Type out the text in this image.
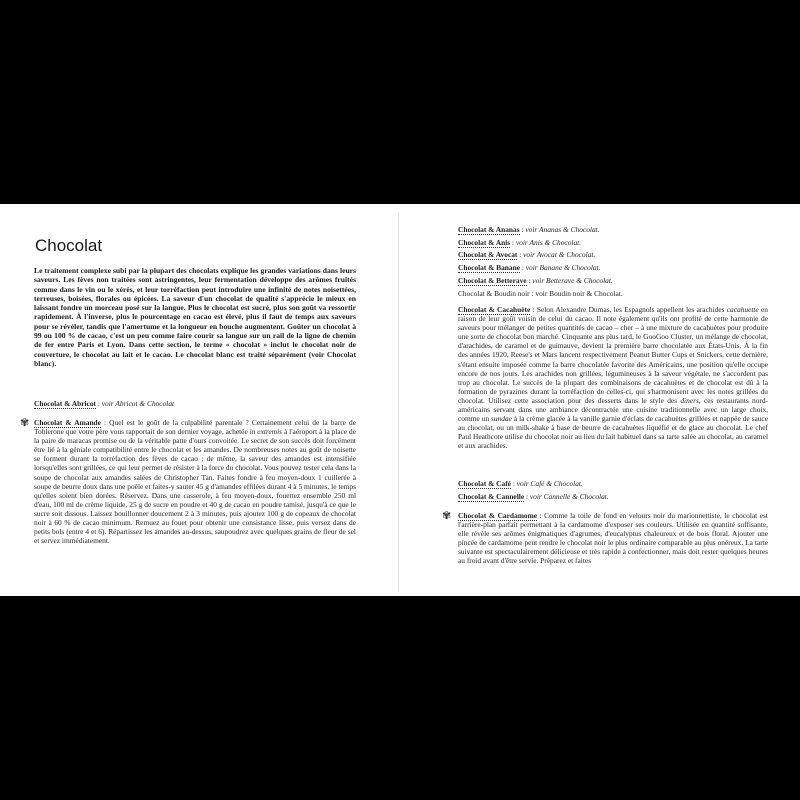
Chocolat

Le traitement complexe subi par la plupart des chocolats explique les grandes variations dans leurs saveurs. Les fèves non traitées sont astringentes, leur fermentation développe des arômes fruités comme dans le vin ou le xérès, et leur torréfaction peut introduire une infinité de notes noisettées, terreuses, boisées, florales ou épicées. La saveur d'un chocolat de qualité s'apprécie le mieux en laissant fondre un morceau posé sur la langue. Plus le chocolat est sucré, plus son goût va ressortir rapidement. À l'inverse, plus le pourcentage en cacao est élevé, plus il faut de temps aux saveurs pour se révéler, tandis que l'amertume et la longueur en bouche augmentent. Goûter un chocolat à 99 ou 100 % de cacao, c'est un peu comme faire courir sa langue sur un rail de la ligne de chemin de fer entre Paris et Lyon. Dans cette section, le terme « chocolat » inclut le chocolat noir de couverture, le chocolat au lait et le cacao. Le chocolat blanc est traité séparément (voir Chocolat blanc).

Chocolat & Abricot : voir Abricot & Chocolat

✾ Chocolat & Amande : Quel est le goût de la culpabilité parentale ? Certainement celui de la barre de Toblerone que votre père vous rapportait de son dernier voyage, achetée in extremis à l'aéroport à la place de la paire de maracas promise ou de la véritable patte d'ours convoitée. Le secret de son succès doit forcément être lié à la géniale compatibilité entre le chocolat et les amandes. De nombreuses notes au goût de noisette se forment durant la torréfaction des fèves de cacao ; de même, la saveur des amandes est intensifiée lorsqu'elles sont grillées, ce qui leur permet de résister à la force du chocolat. Vous pouvez tester cela dans la soupe de chocolat aux amandes salées de Christopher Tan. Faites fondre à feu moyen-doux 1 cuillerée à soupe de beurre doux dans une poêle et faites-y sauter 45 g d'amandes effilées durant 4 à 5 minutes, le temps qu'elles soient bien dorées. Réservez. Dans une casserole, à feu moyen-doux, fouettez ensemble 250 ml d'eau, 100 ml de crème liquide, 25 g de sucre en poudre et 40 g de cacao en poudre tamisé, jusqu'à ce que le sucre soit dissous. Laissez bouillonner doucement 2 à 3 minutes, puis ajoutez 100 g de copeaux de chocolat noir à 60 % de cacao minimum. Remuez au fouet pour obtenir une consistance lisse, puis versez dans de petits bols (entre 4 et 6). Répartissez les amandes au-dessus, saupoudrez avec quelques grains de fleur de sel et servez immédiatement.

Chocolat & Ananas : voir Ananas & Chocolat.

Chocolat & Anis : voir Anis & Chocolat.

Chocolat & Avocat : voir Avocat & Chocolat.

Chocolat & Banane : voir Banane & Chocolat.

Chocolat & Betterave : voir Betterave & Chocolat.

Chocolat & Boudin noir : voir Boudin noir & Chocolat.

Chocolat & Cacahuète : Selon Alexandre Dumas, les Espagnols appellent les arachides cacahuette en raison de leur goût voisin de celui du cacao. Il note également qu'ils ont profité de cette harmonie de saveurs pour mélanger de petites quantités de cacao – cher – à une mixture de cacahuètes pour produire une sorte de chocolat bon marché. Cinquante ans plus tard, le GooGoo Cluster, un mélange de chocolat, d'arachides, de caramel et de guimauve, devient la première barre chocolatée aux États-Unis. À la fin des années 1920, Reese's et Mars lancent respectivement Peanut Butter Cups et Snickers, cette dernière, s'étant ensuite imposée comme la barre chocolatée favorite des Américains, une position qu'elle occupe encore de nos jours. Les arachides non grillées, légumineuses à la saveur végétale, ne s'accordent pas trop au chocolat. Le succès de la plupart des combinaisons de cacahuètes et de chocolat est dû à la formation de pyrazines durant la torréfaction de celles-ci, qui s'harmonisent avec les notes grillées du chocolat. Utilisez cette association pour des desserts dans le style des diners, ces restaurants nord-américains servant dans une ambiance décontractée une cuisine traditionnelle avec un large choix, comme un sundae à la crème glacée à la vanille garnie d'éclats de cacahuètes grillées et nappée de sauce au chocolat, ou un milk-shake à base de beurre de cacahuètes liquéfié et de glace au chocolat. Le chef Paul Heathcote utilise du chocolat noir au lieu du lait habituel dans sa tarte salée au chocolat, au caramel et aux arachides.

Chocolat & Café : voir Café & Chocolat.

Chocolat & Cannelle : voir Cannelle & Chocolat.

✾ Chocolat & Cardamome : Comme la toile de fond en velours noir du marionnettiste, le chocolat est l'arrière-plan parfait permettant à la cardamome d'exposer ses couleurs. Utilisée en quantité suffisante, elle révèle ses arômes énigmatiques d'agrumes, d'eucalyptus chaleureux et de bois floral. Ajouter une pincée de cardamome peut rendre le chocolat noir le plus ordinaire comparable au plus onéreux. La tarte suivante est spectaculairement délicieuse et très rapide à confectionner, mais doit rester quelques heures au froid avant d'être servie. Préparez et faites
